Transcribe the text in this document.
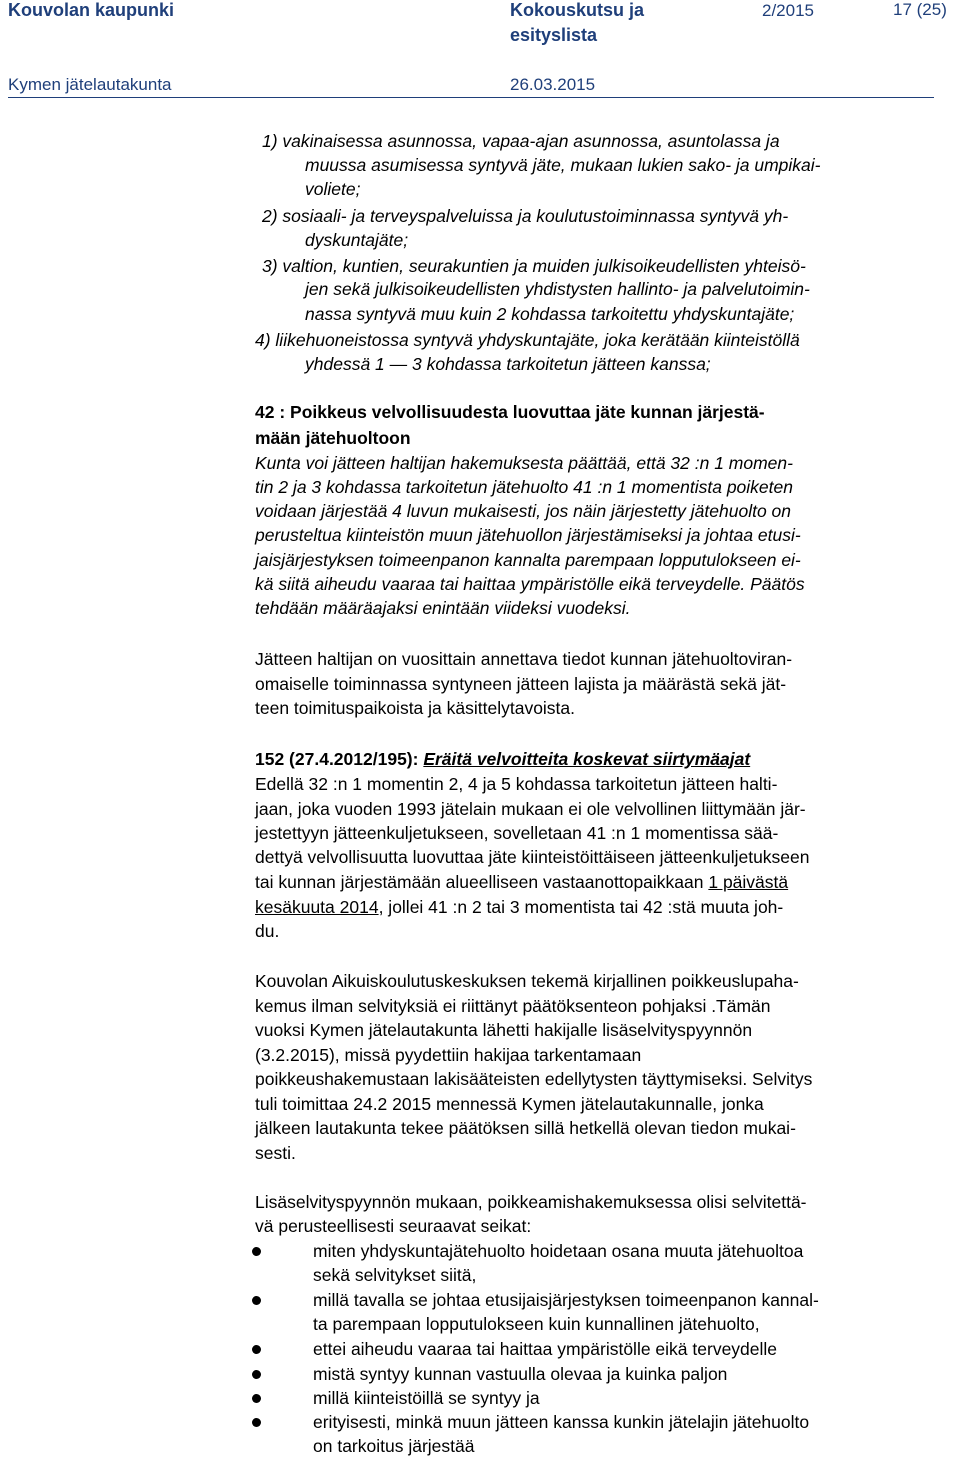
Kouvolan kaupunki	Kokouskutsu ja
esityslista
2/2015	17 (25)
Kymen jätelautakunta	26.03.2015
1) vakinaisessa asunnossa, vapaa-ajan asunnossa, asuntolassa ja
muussa asumisessa syntyvä jäte, mukaan lukien sako- ja umpikai-
voliete;
2) sosiaali- ja terveyspalveluissa ja koulutustoiminnassa syntyvä yh-
dyskuntajäte;
3) valtion, kuntien, seurakuntien ja muiden julkisoikeudellisten yhteisö-
jen sekä julkisoikeudellisten yhdistysten hallinto- ja palvelutoimin-
nassa syntyvä muu kuin 2 kohdassa tarkoitettu yhdyskuntajäte;
4) liikehuoneistossa syntyvä yhdyskuntajäte, joka kerätään kiinteistöllä
yhdessä 1 — 3 kohdassa tarkoitetun jätteen kanssa;
42 : Poikkeus velvollisuudesta luovuttaa jäte kunnan järjestä-
mään jätehuoltoon
Kunta voi jätteen haltijan hakemuksesta päättää, että 32 :n 1 momen-
tin 2 ja 3 kohdassa tarkoitetun jätehuolto 41 :n 1 momentista poiketen
voidaan järjestää 4 luvun mukaisesti, jos näin järjestetty jätehuolto on
perusteltua kiinteistön muun jätehuollon järjestämiseksi ja johtaa etusi-
jaisjärjestyksen toimeenpanon kannalta parempaan lopputulokseen ei-
kä siitä aiheudu vaaraa tai haittaa ympäristölle eikä terveydelle. Päätös
tehdään määräajaksi enintään viideksi vuodeksi.
Jätteen haltijan on vuosittain annettava tiedot kunnan jätehuoltoviran-
omaiselle toiminnassa syntyneen jätteen lajista ja määrästä sekä jät-
teen toimituspaikoista ja käsittelytavoista.
152 (27.4.2012/195): Eräitä velvoitteita koskevat siirtymäajat
Edellä 32 :n 1 momentin 2, 4 ja 5 kohdassa tarkoitetun jätteen halti-
jaan, joka vuoden 1993 jätelain mukaan ei ole velvollinen liittymään jär-
jestettyyn jätteenkuljetukseen, sovelletaan 41 :n 1 momentissa sää-
dettyä velvollisuutta luovuttaa jäte kiinteistöittäiseen jätteenkuljetukseen
tai kunnan järjestämään alueelliseen vastaanottopaikkaan 1 päivästä
kesäkuuta 2014, jollei 41 :n 2 tai 3 momentista tai 42 :stä muuta joh-
du.
Kouvolan Aikuiskoulutuskeskuksen tekemä kirjallinen poikkeuslupaha-
kemus ilman selvityksiä ei riittänyt päätöksenteon pohjaksi .Tämän
vuoksi Kymen jätelautakunta lähetti hakijalle lisäselvityspyynnön
(3.2.2015), missä pyydettiin hakijaa tarkentamaan
poikkeushakemustaan lakisääteisten edellytysten täyttymiseksi. Selvitys
tuli toimittaa 24.2 2015 mennessä Kymen jätelautakunnalle, jonka
jälkeen lautakunta tekee päätöksen sillä hetkellä olevan tiedon mukai-
sesti.
Lisäselvityspyynnön mukaan, poikkeamishakemuksessa olisi selvitettä-
vä perusteellisesti seuraavat seikat:
miten yhdyskuntajätehuolto hoidetaan osana muuta jätehuoltoa
sekä selvitykset siitä,
millä tavalla se johtaa etusijaisjärjestyksen toimeenpanon kannal-
ta parempaan lopputulokseen kuin kunnallinen jätehuolto,
ettei aiheudu vaaraa tai haittaa ympäristölle eikä terveydelle
mistä syntyy kunnan vastuulla olevaa ja kuinka paljon
millä kiinteistöillä se syntyy ja
erityisesti, minkä muun jätteen kanssa kunkin jätelajin jätehuolto
on tarkoitus järjestää
